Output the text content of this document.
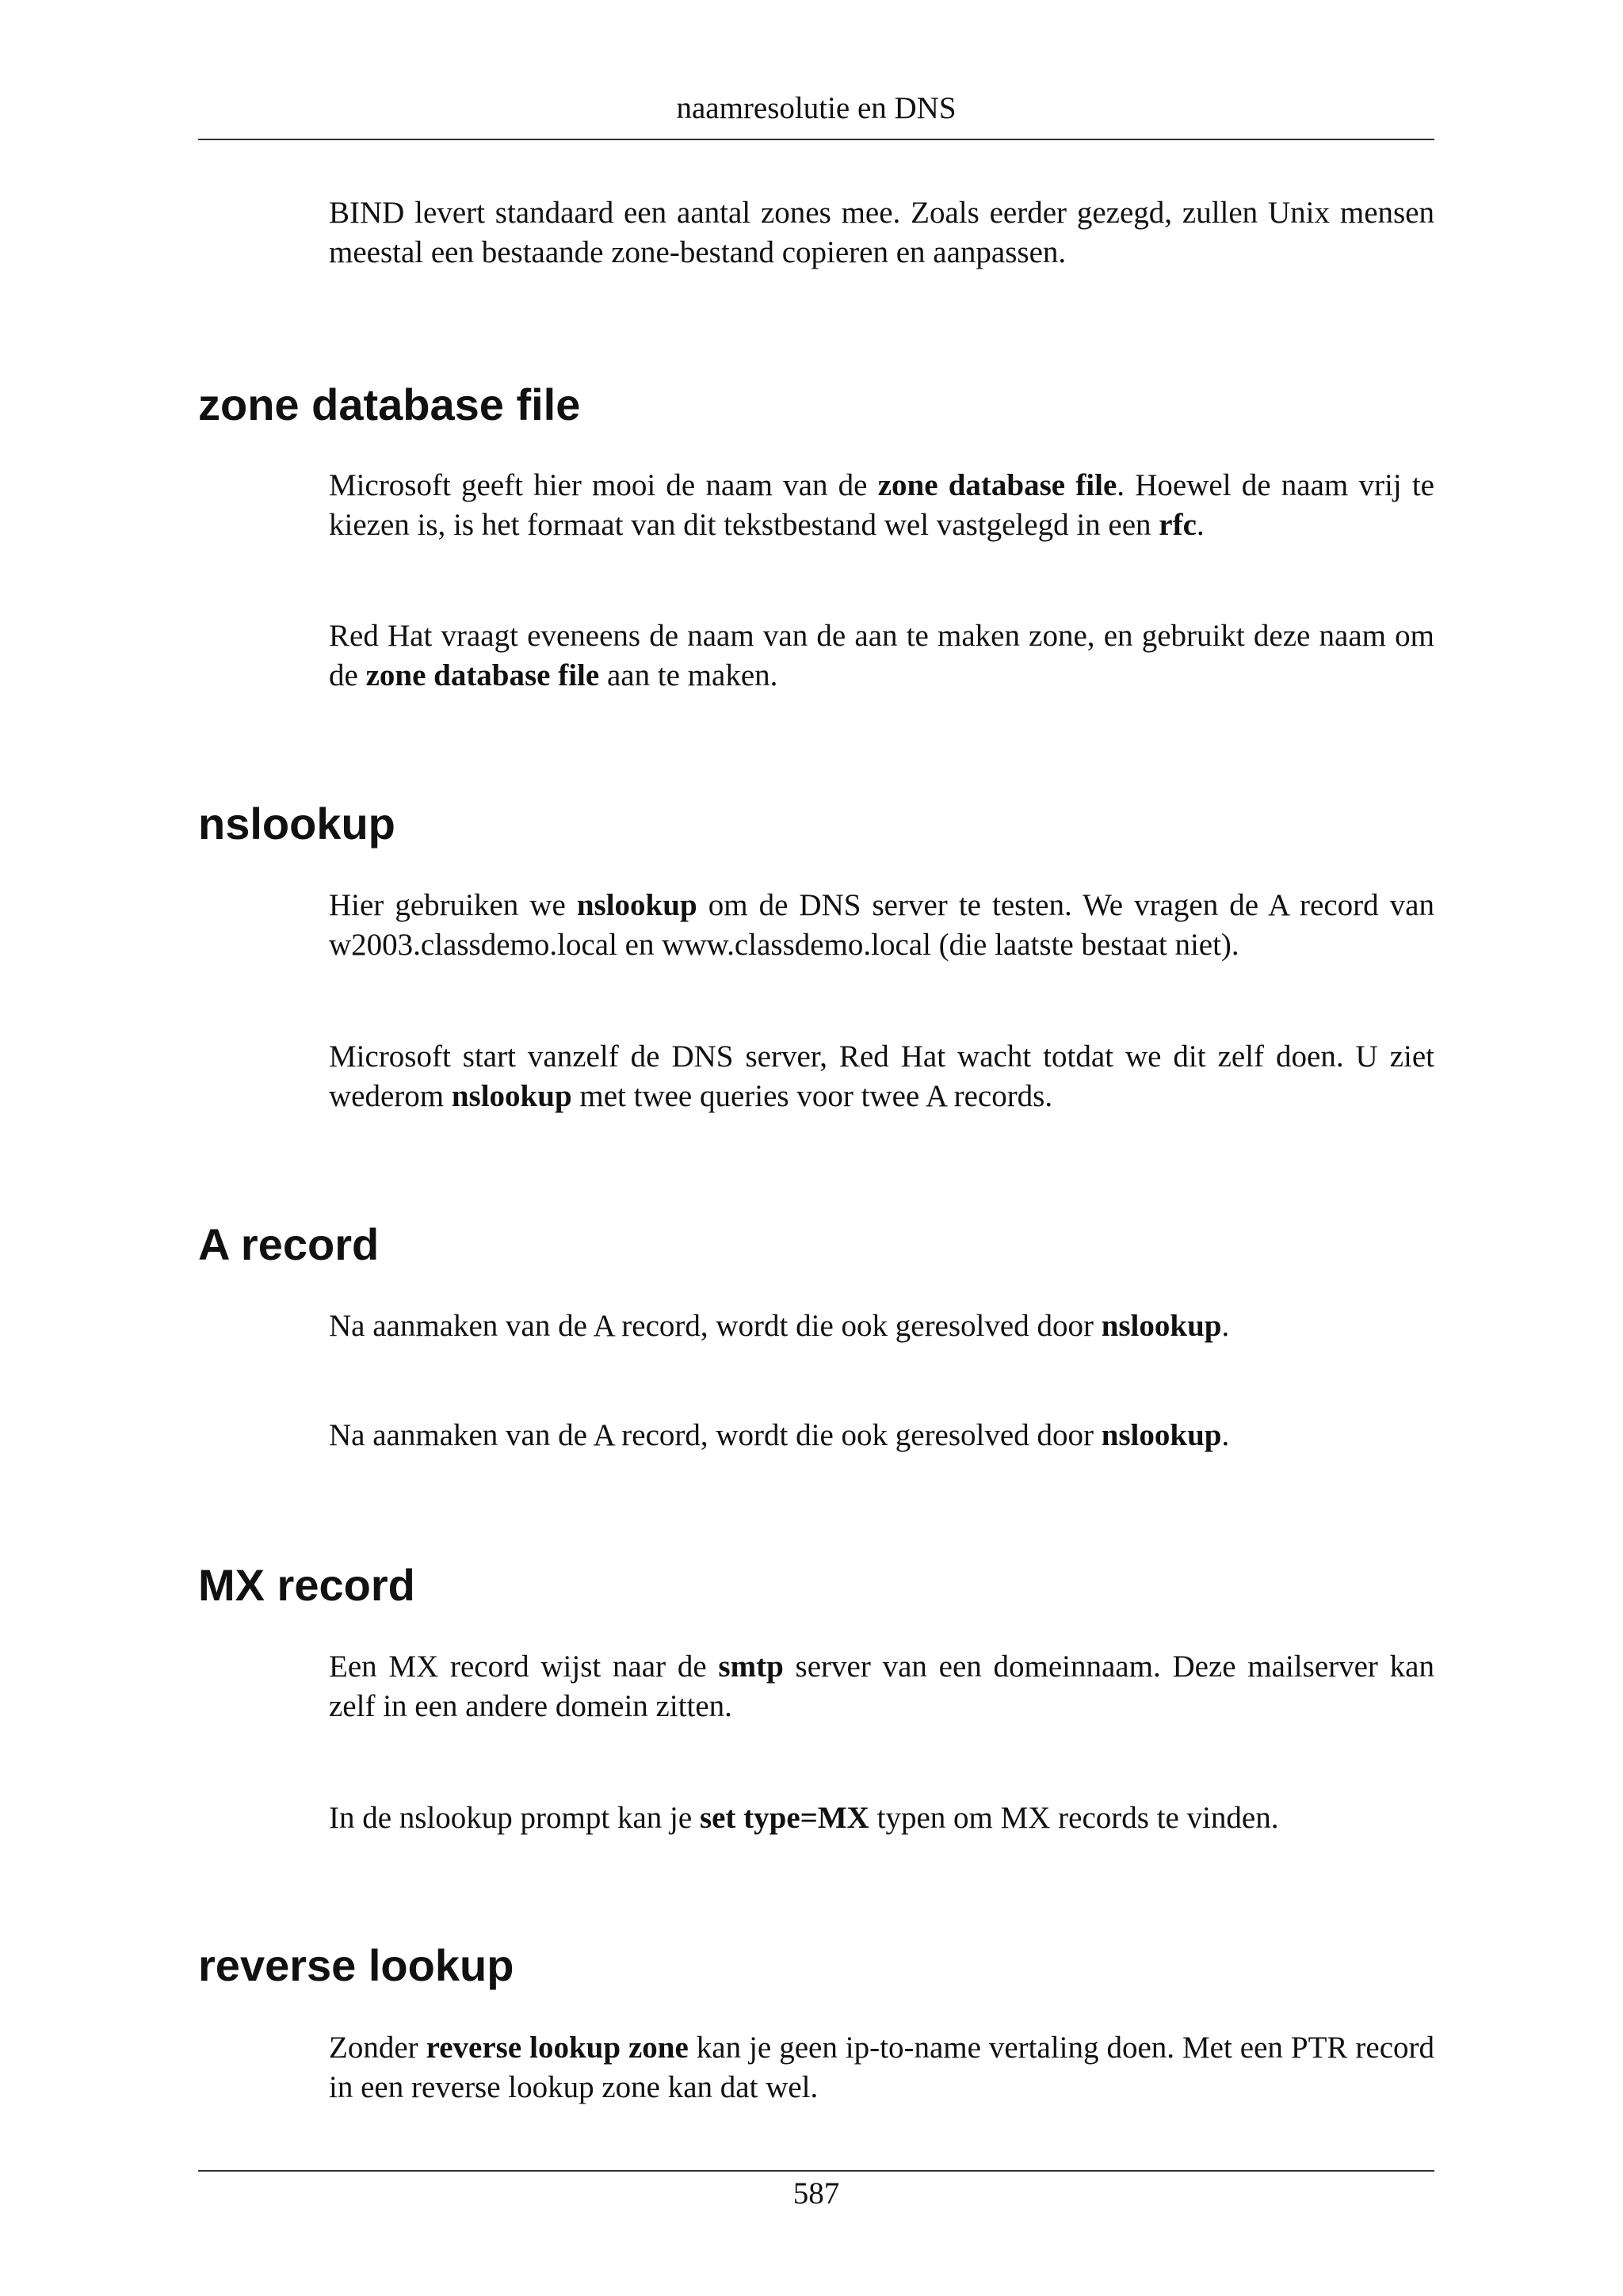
naamresolutie en DNS

BIND levert standaard een aantal zones mee. Zoals eerder gezegd, zullen Unix mensen meestal een bestaande zone-bestand copieren en aanpassen.

zone database file

Microsoft geeft hier mooi de naam van de zone database file. Hoewel de naam vrij te kiezen is, is het formaat van dit tekstbestand wel vastgelegd in een rfc.

Red Hat vraagt eveneens de naam van de aan te maken zone, en gebruikt deze naam om de zone database file aan te maken.

nslookup

Hier gebruiken we nslookup om de DNS server te testen. We vragen de A record van w2003.classdemo.local en www.classdemo.local (die laatste bestaat niet).

Microsoft start vanzelf de DNS server, Red Hat wacht totdat we dit zelf doen. U ziet wederom nslookup met twee queries voor twee A records.

A record

Na aanmaken van de A record, wordt die ook geresolved door nslookup.

Na aanmaken van de A record, wordt die ook geresolved door nslookup.

MX record

Een MX record wijst naar de smtp server van een domeinnaam. Deze mailserver kan zelf in een andere domein zitten.

In de nslookup prompt kan je set type=MX typen om MX records te vinden.

reverse lookup

Zonder reverse lookup zone kan je geen ip-to-name vertaling doen. Met een PTR record in een reverse lookup zone kan dat wel.

587
